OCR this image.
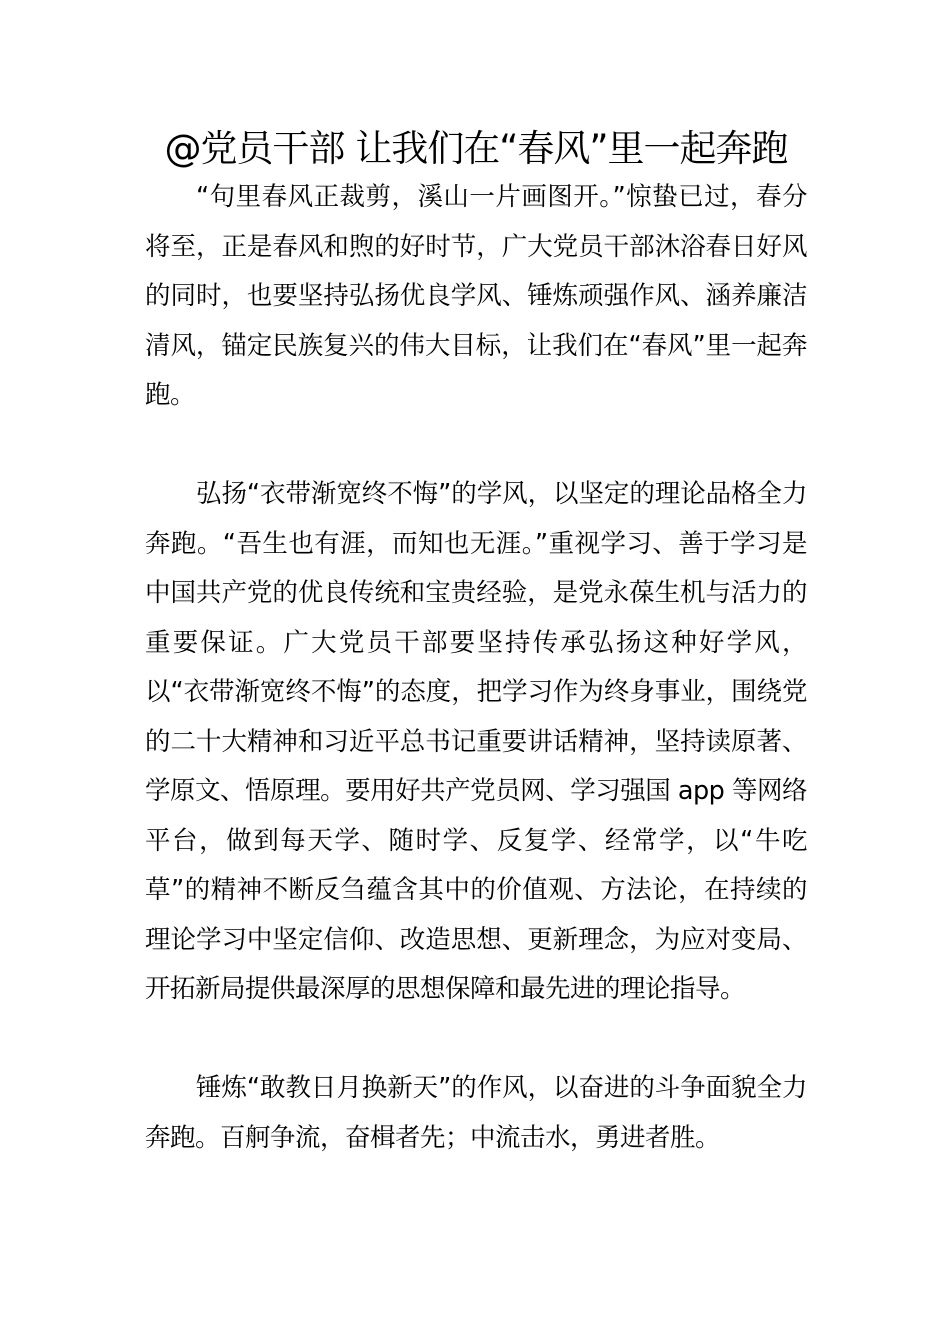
@党员干部 让我们在“春风”里一起奔跑

“句里春风正裁剪，溪山一片画图开。”惊蛰已过，春分将至，正是春风和煦的好时节，广大党员干部沐浴春日好风的同时，也要坚持弘扬优良学风、锤炼顽强作风、涵养廉洁清风，锚定民族复兴的伟大目标，让我们在“春风”里一起奔跑。

弘扬“衣带渐宽终不悔”的学风，以坚定的理论品格全力奔跑。“吾生也有涯，而知也无涯。”重视学习、善于学习是中国共产党的优良传统和宝贵经验，是党永葆生机与活力的重要保证。广大党员干部要坚持传承弘扬这种好学风，以“衣带渐宽终不悔”的态度，把学习作为终身事业，围绕党的二十大精神和习近平总书记重要讲话精神，坚持读原著、学原文、悟原理。要用好共产党员网、学习强国 app 等网络平台，做到每天学、随时学、反复学、经常学，以“牛吃草”的精神不断反刍蕴含其中的价值观、方法论，在持续的理论学习中坚定信仰、改造思想、更新理念，为应对变局、开拓新局提供最深厚的思想保障和最先进的理论指导。

锤炼“敢教日月换新天”的作风，以奋进的斗争面貌全力奔跑。百舸争流，奋楫者先；中流击水，勇进者胜。
